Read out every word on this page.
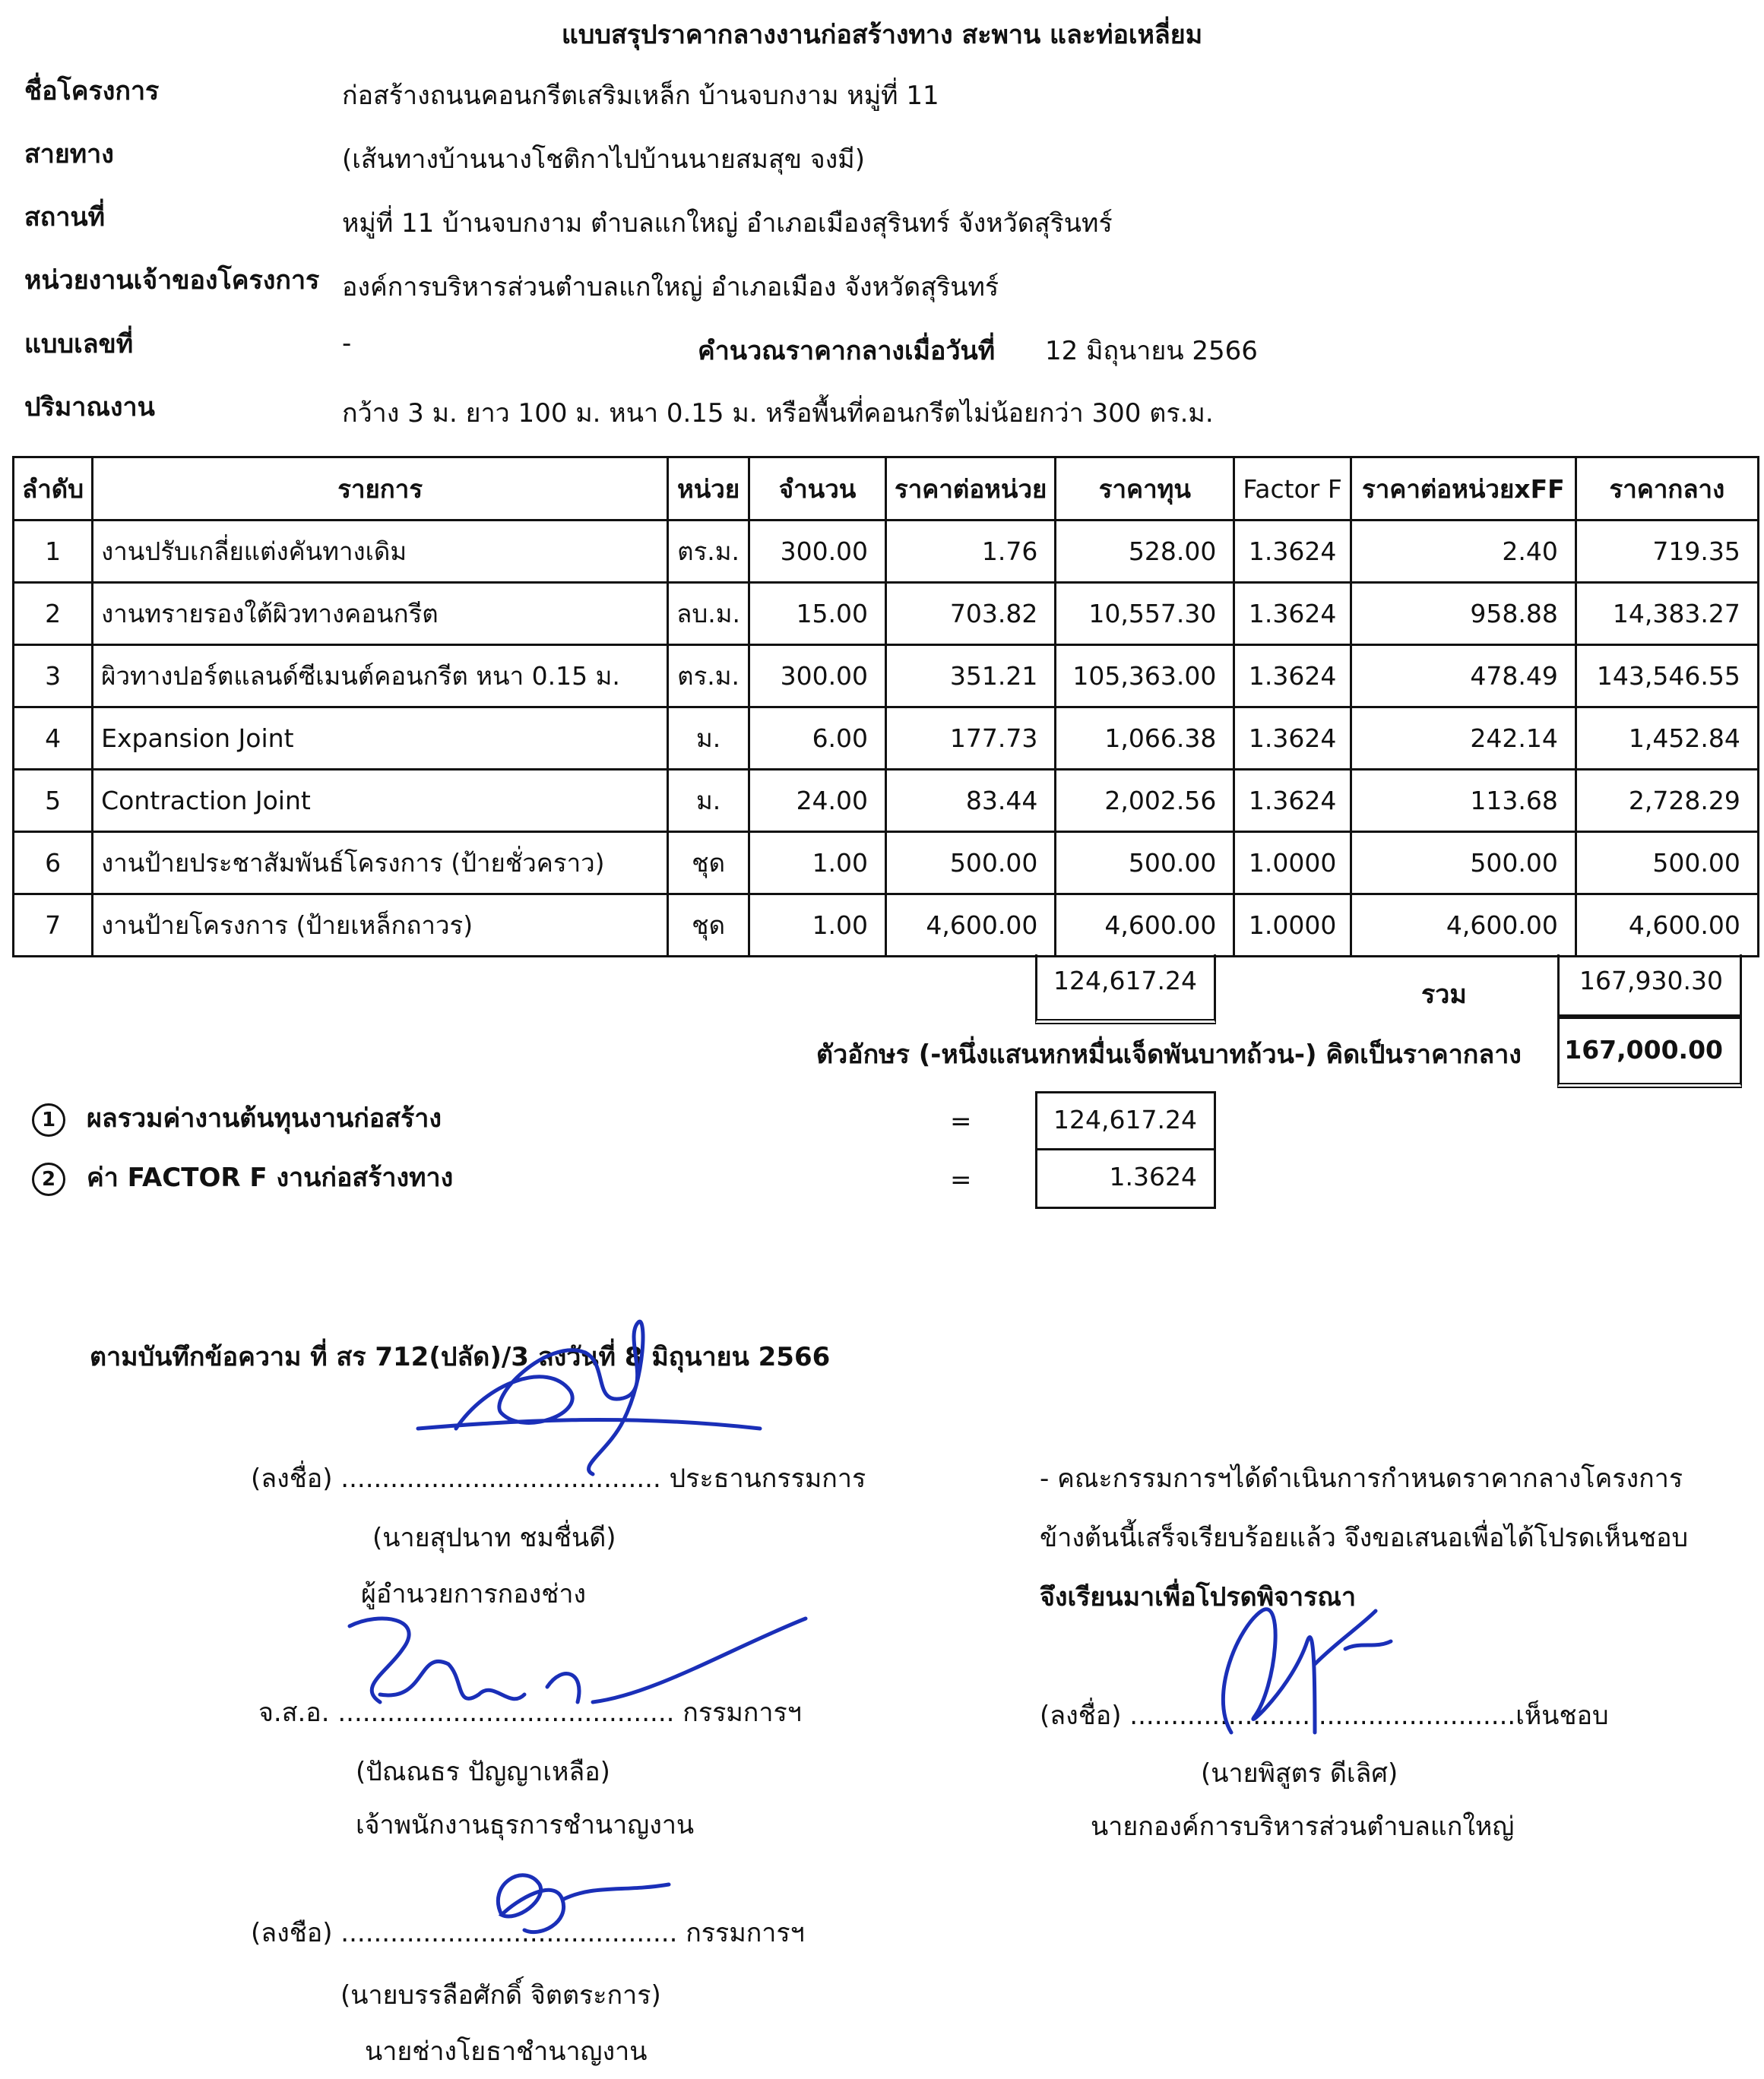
แบบสรุปราคากลางงานก่อสร้างทาง สะพาน และท่อเหลี่ยม
ชื่อโครงการ	ก่อสร้างถนนคอนกรีตเสริมเหล็ก บ้านจบกงาม หมู่ที่ 11
สายทาง	(เส้นทางบ้านนางโชติกาไปบ้านนายสมสุข จงมี)
สถานที่	หมู่ที่ 11 บ้านจบกงาม ตำบลแกใหญ่ อำเภอเมืองสุรินทร์ จังหวัดสุรินทร์
หน่วยงานเจ้าของโครงการ องค์การบริหารส่วนตำบลแกใหญ่ อำเภอเมือง จังหวัดสุรินทร์
แบบเลขที่	-	คำนวณราคากลางเมื่อวันที่ 12 มิถุนายน 2566
ปริมาณงาน	กว้าง 3 ม. ยาว 100 ม. หนา 0.15 ม. หรือพื้นที่คอนกรีตไม่น้อยกว่า 300 ตร.ม.
ลำดับ	รายการ	หน่วย	จำนวน	ราคาต่อหน่วย	ราคาทุน	Factor F	ราคาต่อหน่วยxFF	ราคากลาง
1	งานปรับเกลี่ยแต่งคันทางเดิม	ตร.ม.	300.00	1.76	528.00	1.3624	2.40	719.35
2	งานทรายรองใต้ผิวทางคอนกรีต	ลบ.ม.	15.00	703.82	10,557.30	1.3624	958.88	14,383.27
3	ผิวทางปอร์ตแลนด์ซีเมนต์คอนกรีต หนา 0.15 ม.	ตร.ม.	300.00	351.21	105,363.00	1.3624	478.49	143,546.55
4	Expansion Joint	ม.	6.00	177.73	1,066.38	1.3624	242.14	1,452.84
5	Contraction Joint	ม.	24.00	83.44	2,002.56	1.3624	113.68	2,728.29
6	งานป้ายประชาสัมพันธ์โครงการ (ป้ายชั่วคราว)	ชุด	1.00	500.00	500.00	1.0000	500.00	500.00
7	งานป้ายโครงการ (ป้ายเหล็กถาวร)	ชุด	1.00	4,600.00	4,600.00	1.0000	4,600.00	4,600.00
124,617.24	รวม	167,930.30
ตัวอักษร (-หนึ่งแสนหกหมื่นเจ็ดพันบาทถ้วน-) คิดเป็นราคากลาง 167,000.00
1 ผลรวมค่างานต้นทุนงานก่อสร้าง	=	124,617.24
2 ค่า FACTOR F งานก่อสร้างทาง	=	1.3624
ตามบันทึกข้อความ ที่ สร 712(ปลัด)/3 ลงวันที่ 8 มิถุนายน 2566
(ลงชื่อ) ....................................... ประธานกรรมการ
(นายสุปนาท ชมชื่นดี)
ผู้อำนวยการกองช่าง
จ.ส.อ. ......................................... กรรมการฯ
(ปัณณธร ปัญญาเหลือ)
เจ้าพนักงานธุรการชำนาญงาน
(ลงชือ) ......................................... กรรมการฯ
(นายบรรลือศักดิ์ จิตตระการ)
นายช่างโยธาชำนาญงาน
- คณะกรรมการฯได้ดำเนินการกำหนดราคากลางโครงการ
ข้างต้นนี้เสร็จเรียบร้อยแล้ว จึงขอเสนอเพื่อได้โปรดเห็นชอบ
จึงเรียนมาเพื่อโปรดพิจารณา
(ลงชื่อ) ...............................................เห็นชอบ
(นายพิสูตร ดีเลิศ)
นายกองค์การบริหารส่วนตำบลแกใหญ่
